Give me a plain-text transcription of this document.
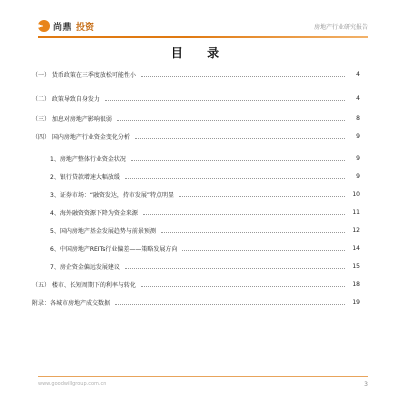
尚鼎 投资	房地产行业研究报告
目 录
（一） 货币政策在三季度放松可能性小	4
（二） 政策导致自身发力	4
（三） 加息对房地产影响很弱	8
（四） 国内房地产行业资金变化分析	9
1、房地产整体行业资金状况	9
2、银行贷款增速大幅放缓	9
3、证券市场：“融资发达，持市发展”特点明显	10
4、海外融资资源下降为资金来源	11
5、国内房地产基金发展趋势与前景预测	12
6、中国房地产REITs行业偏差——策略发展方向	14
7、房企资金偏远发展建议	15
（五） 楼市、长短周期下的利率与转化	18
附录：各城市房地产成交数据	19
www.goodwillgroup.com.cn	3
